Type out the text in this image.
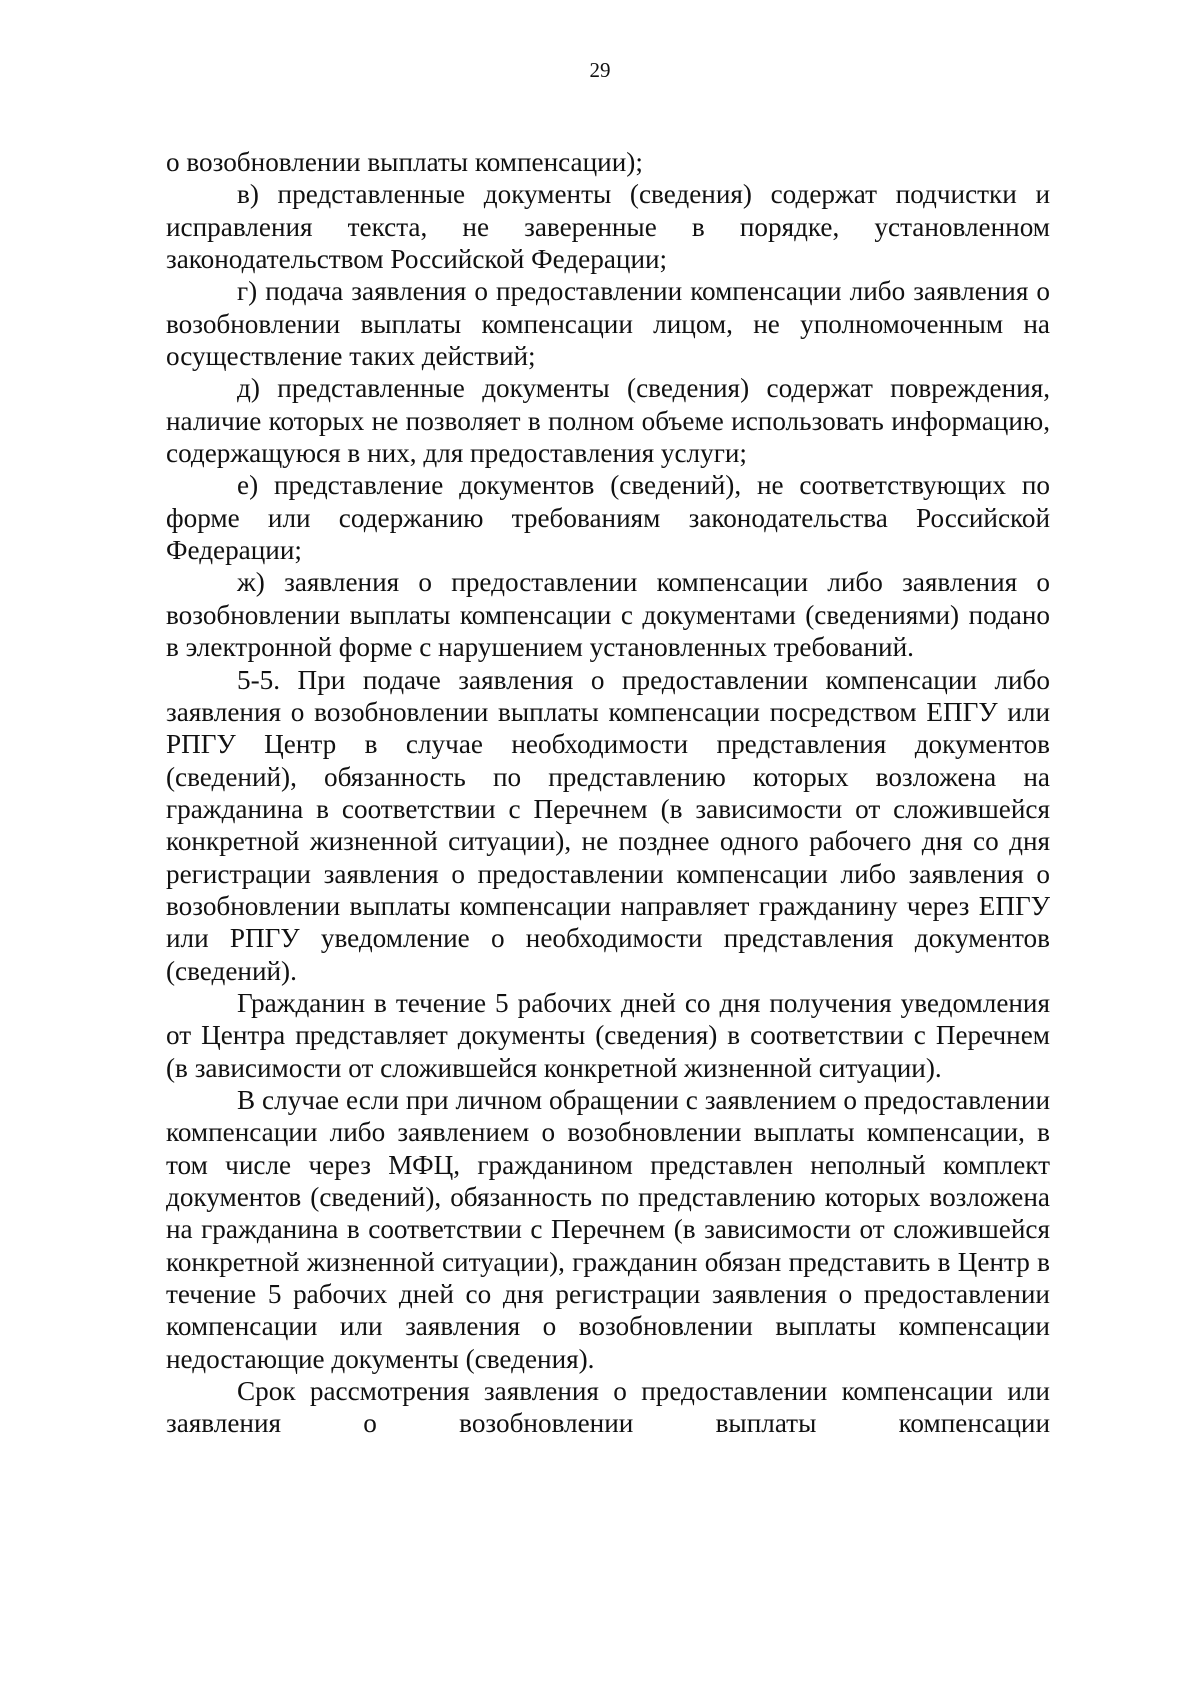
29

о возобновлении выплаты компенсации);

в) представленные документы (сведения) содержат подчистки и исправления текста, не заверенные в порядке, установленном законодательством Российской Федерации;

г) подача заявления о предоставлении компенсации либо заявления о возобновлении выплаты компенсации лицом, не уполномоченным на осуществление таких действий;

д) представленные документы (сведения) содержат повреждения, наличие которых не позволяет в полном объеме использовать информацию, содержащуюся в них, для предоставления услуги;

е) представление документов (сведений), не соответствующих по форме или содержанию требованиям законодательства Российской Федерации;

ж) заявления о предоставлении компенсации либо заявления о возобновлении выплаты компенсации с документами (сведениями) подано в электронной форме с нарушением установленных требований.

5-5. При подаче заявления о предоставлении компенсации либо заявления о возобновлении выплаты компенсации посредством ЕПГУ или РПГУ Центр в случае необходимости представления документов (сведений), обязанность по представлению которых возложена на гражданина в соответствии с Перечнем (в зависимости от сложившейся конкретной жизненной ситуации), не позднее одного рабочего дня со дня регистрации заявления о предоставлении компенсации либо заявления о возобновлении выплаты компенсации направляет гражданину через ЕПГУ или РПГУ уведомление о необходимости представления документов (сведений).

Гражданин в течение 5 рабочих дней со дня получения уведомления от Центра представляет документы (сведения) в соответствии с Перечнем (в зависимости от сложившейся конкретной жизненной ситуации).

В случае если при личном обращении с заявлением о предоставлении компенсации либо заявлением о возобновлении выплаты компенсации, в том числе через МФЦ, гражданином представлен неполный комплект документов (сведений), обязанность по представлению которых возложена на гражданина в соответствии с Перечнем (в зависимости от сложившейся конкретной жизненной ситуации), гражданин обязан представить в Центр в течение 5 рабочих дней со дня регистрации заявления о предоставлении компенсации или заявления о возобновлении выплаты компенсации недостающие документы (сведения).

Срок рассмотрения заявления о предоставлении компенсации или заявления о возобновлении выплаты компенсации
